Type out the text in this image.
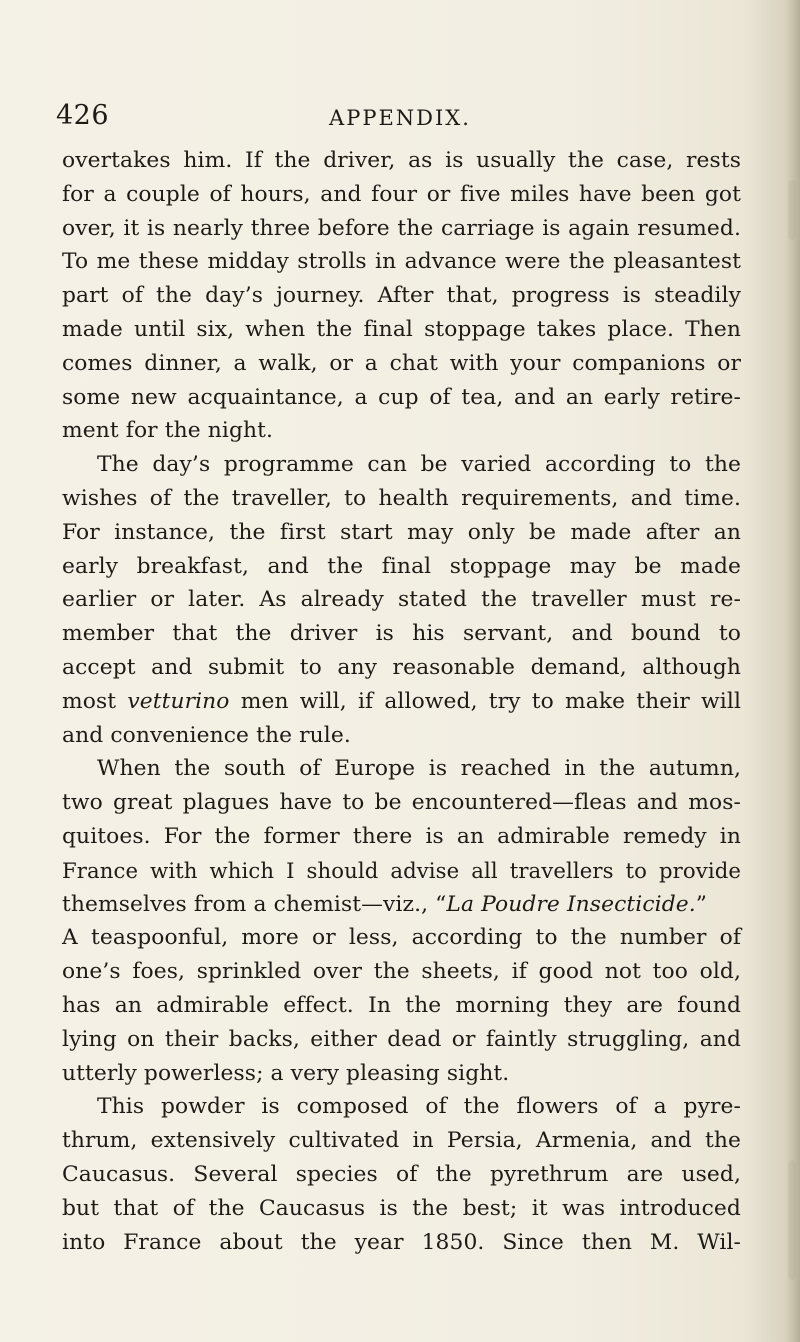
426	APPENDIX.
overtakes him. If the driver, as is usually the case, rests
for a couple of hours, and four or five miles have been got
over, it is nearly three before the carriage is again resumed.
To me these midday strolls in advance were the pleasantest
part of the day’s journey. After that, progress is steadily
made until six, when the final stoppage takes place. Then
comes dinner, a walk, or a chat with your companions or
some new acquaintance, a cup of tea, and an early retire-
ment for the night.
The day’s programme can be varied according to the
wishes of the traveller, to health requirements, and time.
For instance, the first start may only be made after an
early breakfast, and the final stoppage may be made
earlier or later. As already stated the traveller must re-
member that the driver is his servant, and bound to
accept and submit to any reasonable demand, although
most vetturino men will, if allowed, try to make their will
and convenience the rule.
When the south of Europe is reached in the autumn,
two great plagues have to be encountered—fleas and mos-
quitoes. For the former there is an admirable remedy in
France with which I should advise all travellers to provide
themselves from a chemist—viz., “La Poudre Insecticide.”
A teaspoonful, more or less, according to the number of
one’s foes, sprinkled over the sheets, if good not too old,
has an admirable effect. In the morning they are found
lying on their backs, either dead or faintly struggling, and
utterly powerless; a very pleasing sight.
This powder is composed of the flowers of a pyre-
thrum, extensively cultivated in Persia, Armenia, and the
Caucasus. Several species of the pyrethrum are used,
but that of the Caucasus is the best; it was introduced
into France about the year 1850. Since then M. Wil-
